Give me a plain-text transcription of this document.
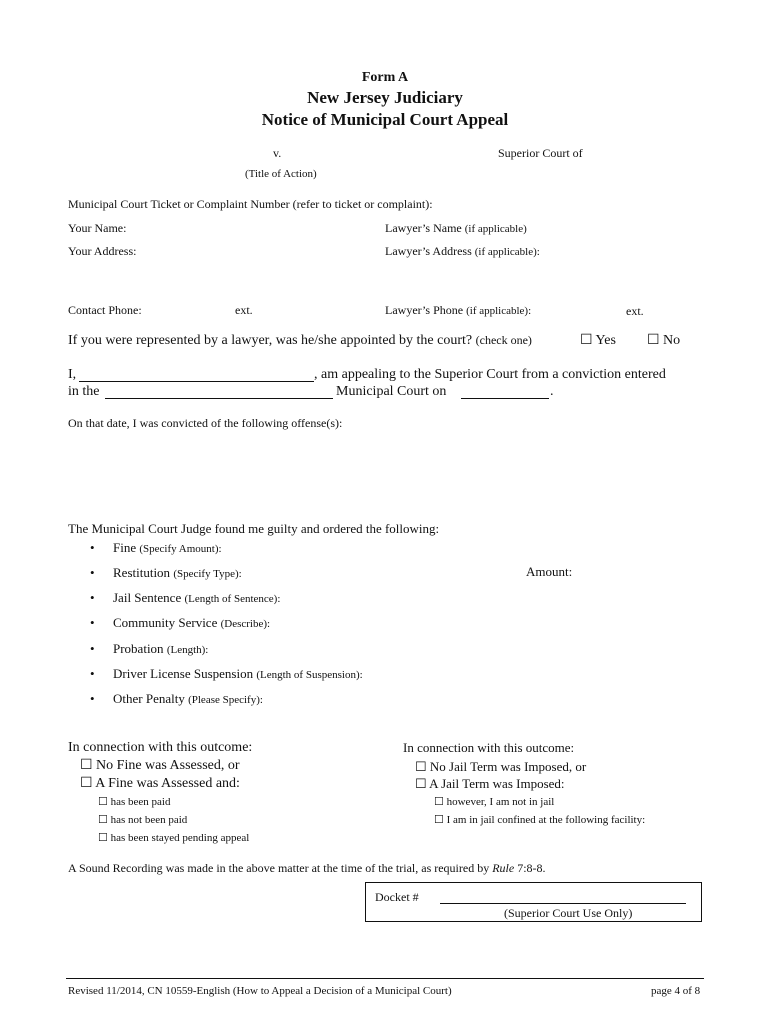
Form A
New Jersey Judiciary
Notice of Municipal Court Appeal
v.	Superior Court of
(Title of Action)
Municipal Court Ticket or Complaint Number (refer to ticket or complaint):
Your Name:	Lawyer’s Name (if applicable)
Your Address:	Lawyer’s Address (if applicable):
Contact Phone:	ext.	Lawyer’s Phone (if applicable):	ext.
If you were represented by a lawyer, was he/she appointed by the court? (check one)	☐ Yes ☐ No
I,	, am appealing to the Superior Court from a conviction entered
in the	Municipal Court on	.
On that date, I was convicted of the following offense(s):
The Municipal Court Judge found me guilty and ordered the following:
• Fine (Specify Amount):
• Restitution (Specify Type):	Amount:
• Jail Sentence (Length of Sentence):
• Community Service (Describe):
• Probation (Length):
• Driver License Suspension (Length of Suspension):
• Other Penalty (Please Specify):
In connection with this outcome:
☐ No Fine was Assessed, or
☐ A Fine was Assessed and:
☐ has been paid
☐ has not been paid
☐ has been stayed pending appeal
In connection with this outcome:
☐ No Jail Term was Imposed, or
☐ A Jail Term was Imposed:
☐ however, I am not in jail
☐ I am in jail confined at the following facility:
A Sound Recording was made in the above matter at the time of the trial, as required by Rule 7:8-8.
Docket #
(Superior Court Use Only)
Revised 11/2014, CN 10559-English (How to Appeal a Decision of a Municipal Court)	page 4 of 8
